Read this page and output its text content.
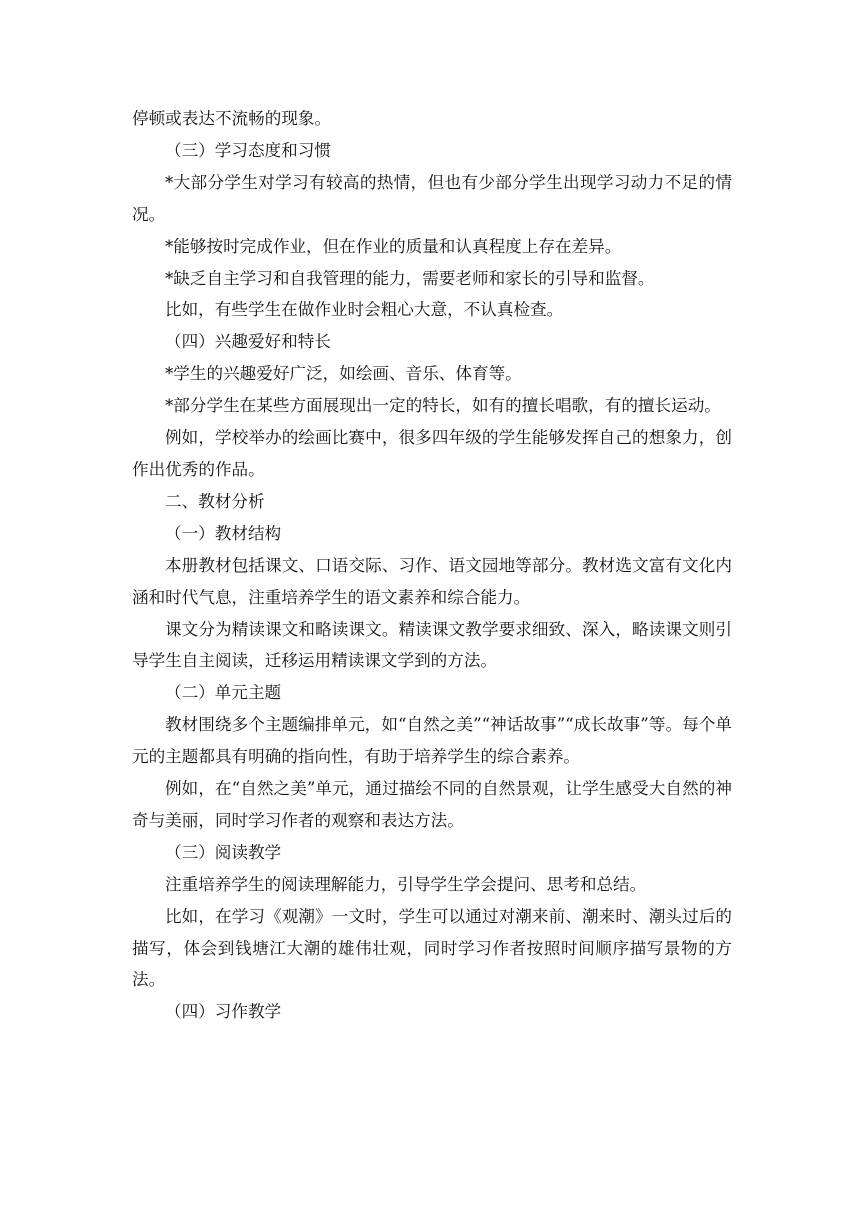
停顿或表达不流畅的现象。

（三）学习态度和习惯

*大部分学生对学习有较高的热情，但也有少部分学生出现学习动力不足的情况。

*能够按时完成作业，但在作业的质量和认真程度上存在差异。

*缺乏自主学习和自我管理的能力，需要老师和家长的引导和监督。

比如，有些学生在做作业时会粗心大意，不认真检查。

（四）兴趣爱好和特长

*学生的兴趣爱好广泛，如绘画、音乐、体育等。

*部分学生在某些方面展现出一定的特长，如有的擅长唱歌，有的擅长运动。

例如，学校举办的绘画比赛中，很多四年级的学生能够发挥自己的想象力，创作出优秀的作品。

二、教材分析

（一）教材结构

本册教材包括课文、口语交际、习作、语文园地等部分。教材选文富有文化内涵和时代气息，注重培养学生的语文素养和综合能力。

课文分为精读课文和略读课文。精读课文教学要求细致、深入，略读课文则引导学生自主阅读，迁移运用精读课文学到的方法。

（二）单元主题

教材围绕多个主题编排单元，如“自然之美”“神话故事”“成长故事”等。每个单元的主题都具有明确的指向性，有助于培养学生的综合素养。

例如，在“自然之美”单元，通过描绘不同的自然景观，让学生感受大自然的神奇与美丽，同时学习作者的观察和表达方法。

（三）阅读教学

注重培养学生的阅读理解能力，引导学生学会提问、思考和总结。

比如，在学习《观潮》一文时，学生可以通过对潮来前、潮来时、潮头过后的描写，体会到钱塘江大潮的雄伟壮观，同时学习作者按照时间顺序描写景物的方法。

（四）习作教学
